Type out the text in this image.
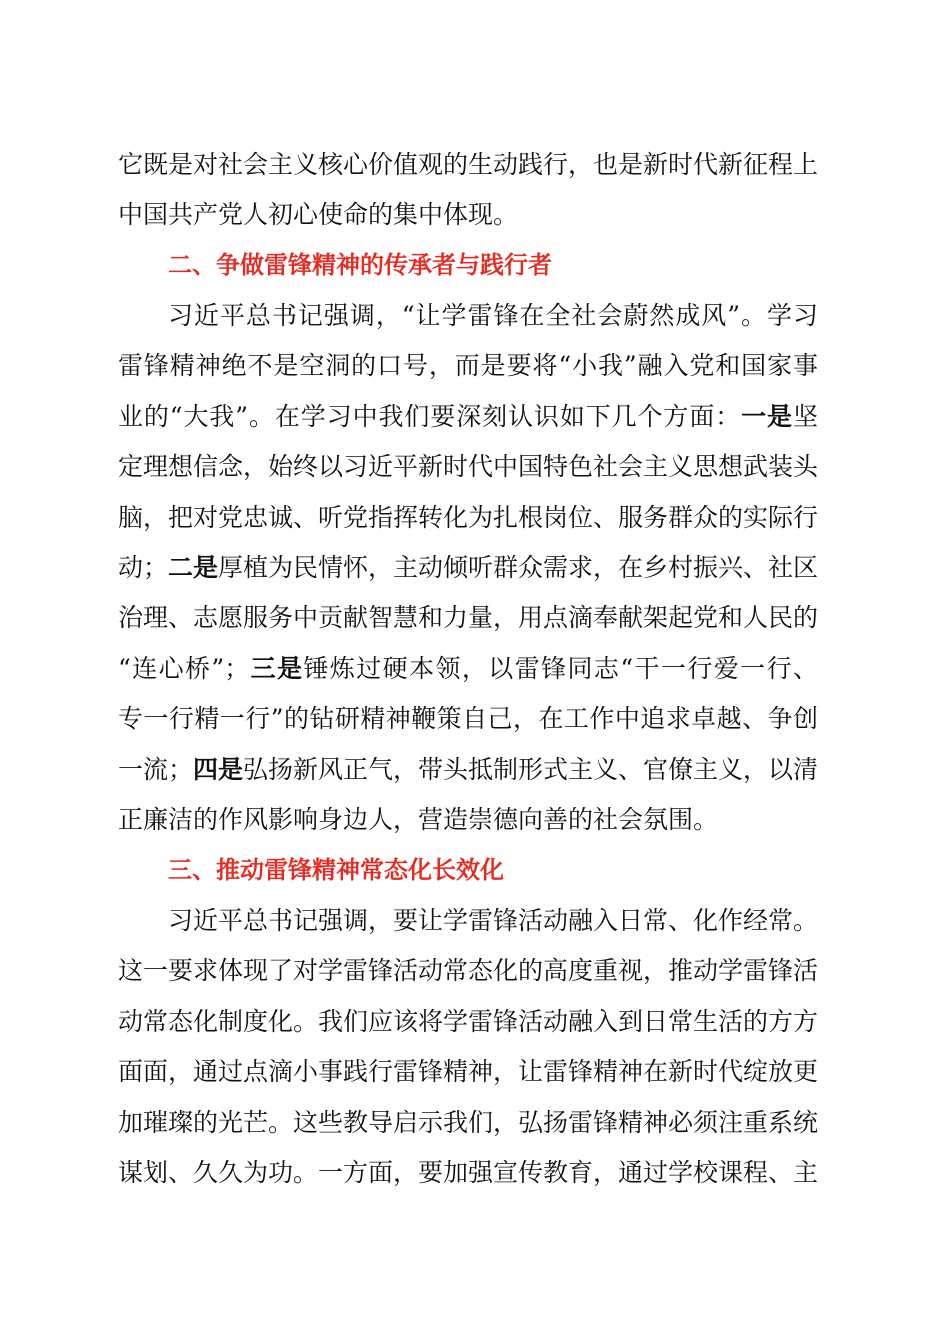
它既是对社会主义核心价值观的生动践行，也是新时代新征程上
中国共产党人初心使命的集中体现。
二、争做雷锋精神的传承者与践行者
习近平总书记强调，“让学雷锋在全社会蔚然成风”。学习
雷锋精神绝不是空洞的口号，而是要将“小我”融入党和国家事
业的“大我”。在学习中我们要深刻认识如下几个方面：一是坚
定理想信念，始终以习近平新时代中国特色社会主义思想武装头
脑，把对党忠诚、听党指挥转化为扎根岗位、服务群众的实际行
动；二是厚植为民情怀，主动倾听群众需求，在乡村振兴、社区
治理、志愿服务中贡献智慧和力量，用点滴奉献架起党和人民的
“连心桥”；三是锤炼过硬本领，以雷锋同志“干一行爱一行、
专一行精一行”的钻研精神鞭策自己，在工作中追求卓越、争创
一流；四是弘扬新风正气，带头抵制形式主义、官僚主义，以清
正廉洁的作风影响身边人，营造崇德向善的社会氛围。
三、推动雷锋精神常态化长效化
习近平总书记强调，要让学雷锋活动融入日常、化作经常。
这一要求体现了对学雷锋活动常态化的高度重视，推动学雷锋活
动常态化制度化。我们应该将学雷锋活动融入到日常生活的方方
面面，通过点滴小事践行雷锋精神，让雷锋精神在新时代绽放更
加璀璨的光芒。这些教导启示我们，弘扬雷锋精神必须注重系统
谋划、久久为功。一方面，要加强宣传教育，通过学校课程、主
